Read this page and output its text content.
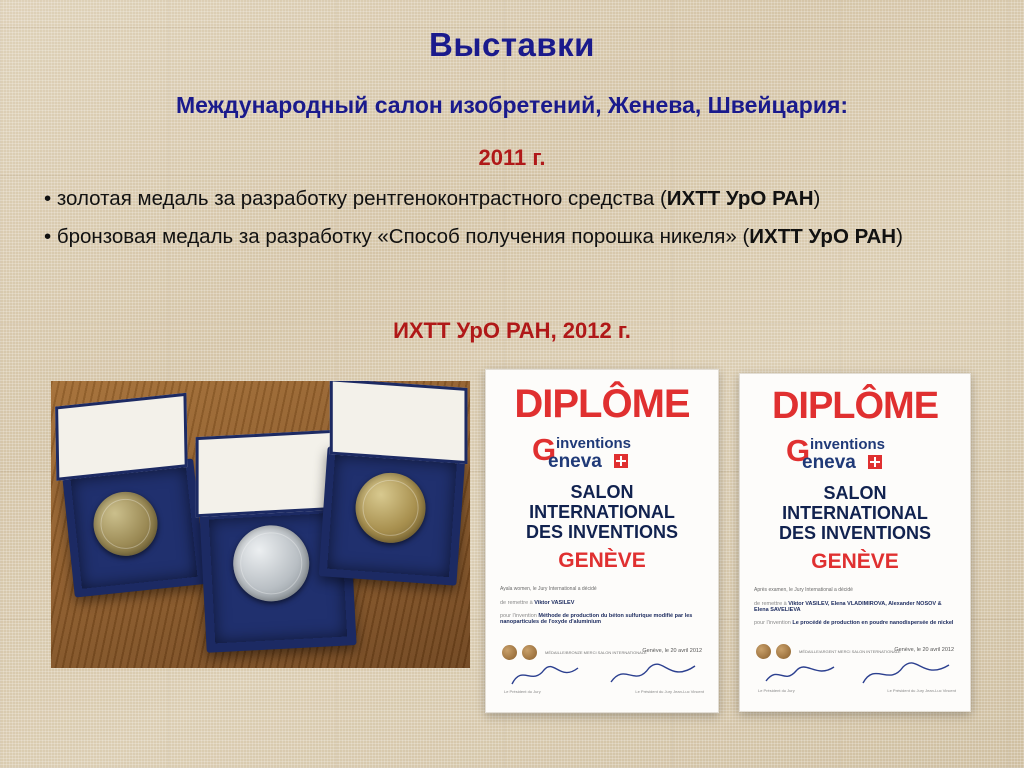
Выставки
Международный салон изобретений, Женева, Швейцария:
2011 г.
• золотая медаль за разработку рентгеноконтрастного средства (ИХТТ УрО РАН)
• бронзовая медаль за разработку «Способ получения порошка никеля» (ИХТТ УрО РАН)
ИХТТ УрО РАН, 2012 г.
DIPLÔME
G inventions
eneva
SALON
INTERNATIONAL
DES INVENTIONS
GENÈVE
Ayala women, le Jury International a décidé
de remettre à Viktor VASILEV
pour l'invention Méthode de production du béton sulfurique modifié par les nanoparticules de l'oxyde d'aluminium
MÉDAILLE/BRONZE MERCI SALON INTERNATIONALE
Genève, le 20 avril 2012
Le Président du Jury	Le Président du Jury Jean-Luc Vincent
DIPLÔME
G inventions
eneva
SALON
INTERNATIONAL
DES INVENTIONS
GENÈVE
Après examen, le Jury International a décidé
de remettre à Viktor VASILEV, Elena VLADIMIROVA, Alexander NOSOV & Elena SAVELIEVA
pour l'invention Le procédé de production en poudre nanodispersée de nickel
MÉDAILLE/ARGENT MERCI SALON INTERNATIONALE
Genève, le 20 avril 2012
Le Président du Jury	Le Président du Jury Jean-Luc Vincent
